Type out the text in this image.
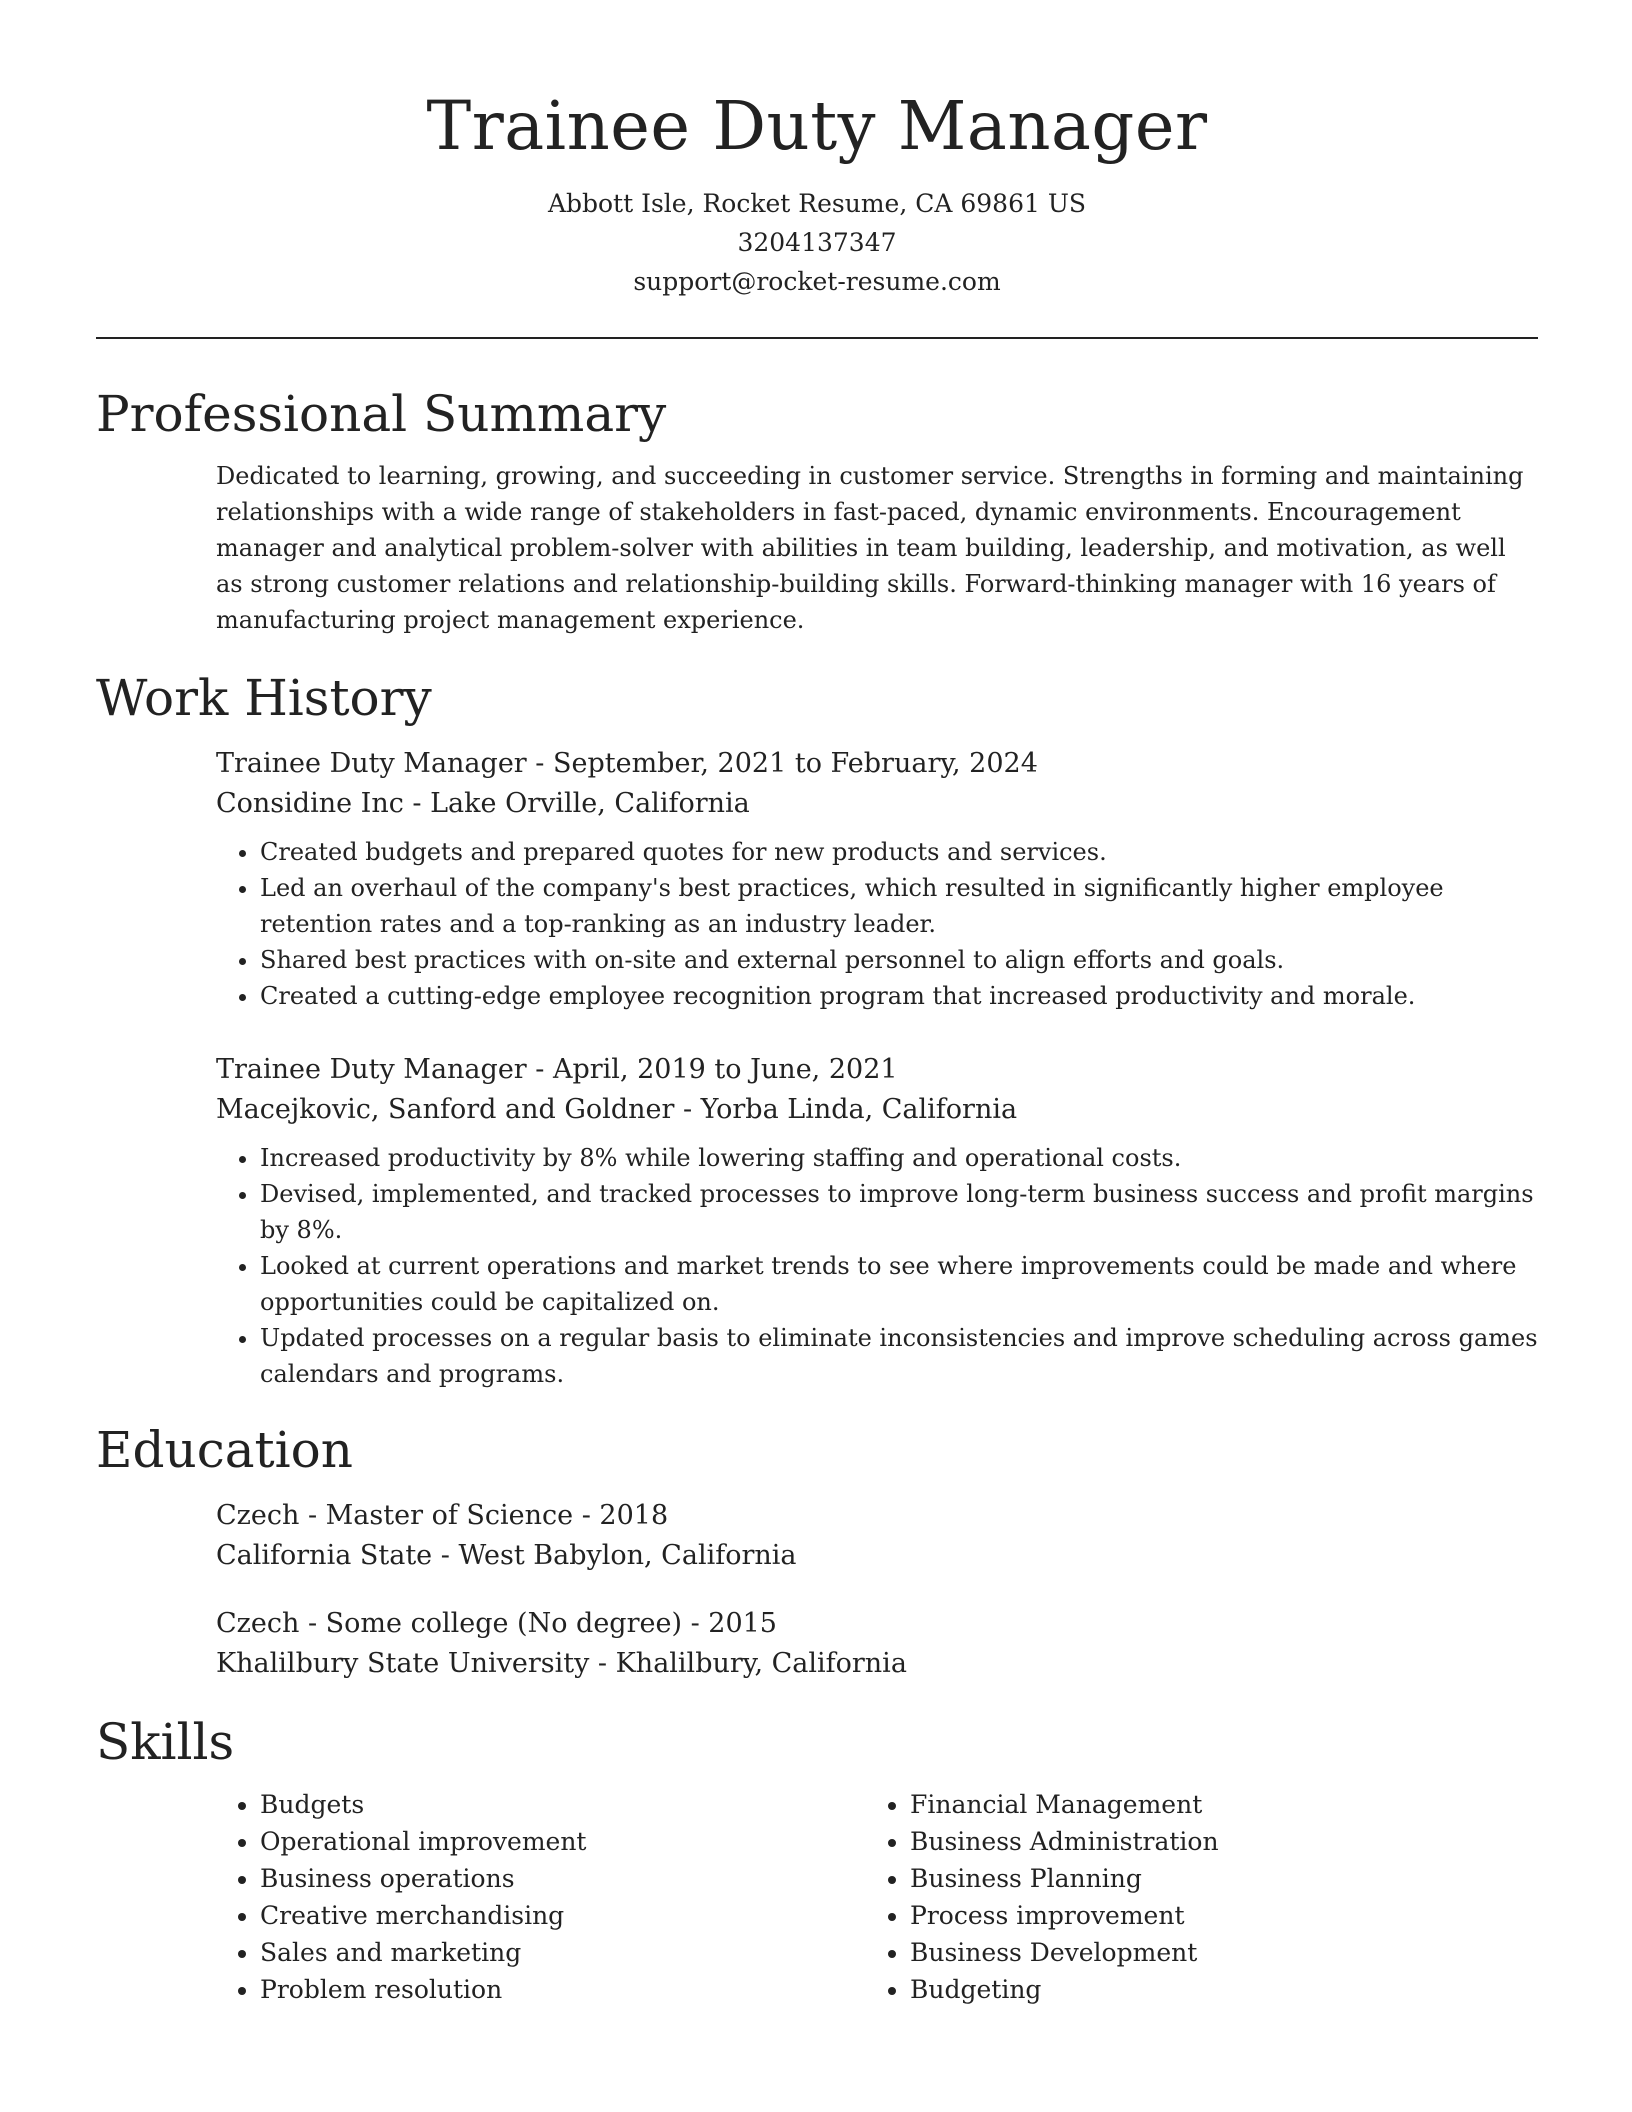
Trainee Duty Manager
Abbott Isle, Rocket Resume, CA 69861 US
3204137347
support@rocket-resume.com
Professional Summary
Dedicated to learning, growing, and succeeding in customer service. Strengths in forming and maintaining relationships with a wide range of stakeholders in fast-paced, dynamic environments. Encouragement manager and analytical problem-solver with abilities in team building, leadership, and motivation, as well as strong customer relations and relationship-building skills. Forward-thinking manager with 16 years of manufacturing project management experience.
Work History
Trainee Duty Manager - September, 2021 to February, 2024
Considine Inc - Lake Orville, California
• Created budgets and prepared quotes for new products and services.
• Led an overhaul of the company's best practices, which resulted in significantly higher employee retention rates and a top-ranking as an industry leader.
• Shared best practices with on-site and external personnel to align efforts and goals.
• Created a cutting-edge employee recognition program that increased productivity and morale.
Trainee Duty Manager - April, 2019 to June, 2021
Macejkovic, Sanford and Goldner - Yorba Linda, California
• Increased productivity by 8% while lowering staffing and operational costs.
• Devised, implemented, and tracked processes to improve long-term business success and profit margins by 8%.
• Looked at current operations and market trends to see where improvements could be made and where opportunities could be capitalized on.
• Updated processes on a regular basis to eliminate inconsistencies and improve scheduling across games calendars and programs.
Education
Czech - Master of Science - 2018
California State - West Babylon, California
Czech - Some college (No degree) - 2015
Khalilbury State University - Khalilbury, California
Skills
• Budgets
• Operational improvement
• Business operations
• Creative merchandising
• Sales and marketing
• Problem resolution
• Financial Management
• Business Administration
• Business Planning
• Process improvement
• Business Development
• Budgeting
